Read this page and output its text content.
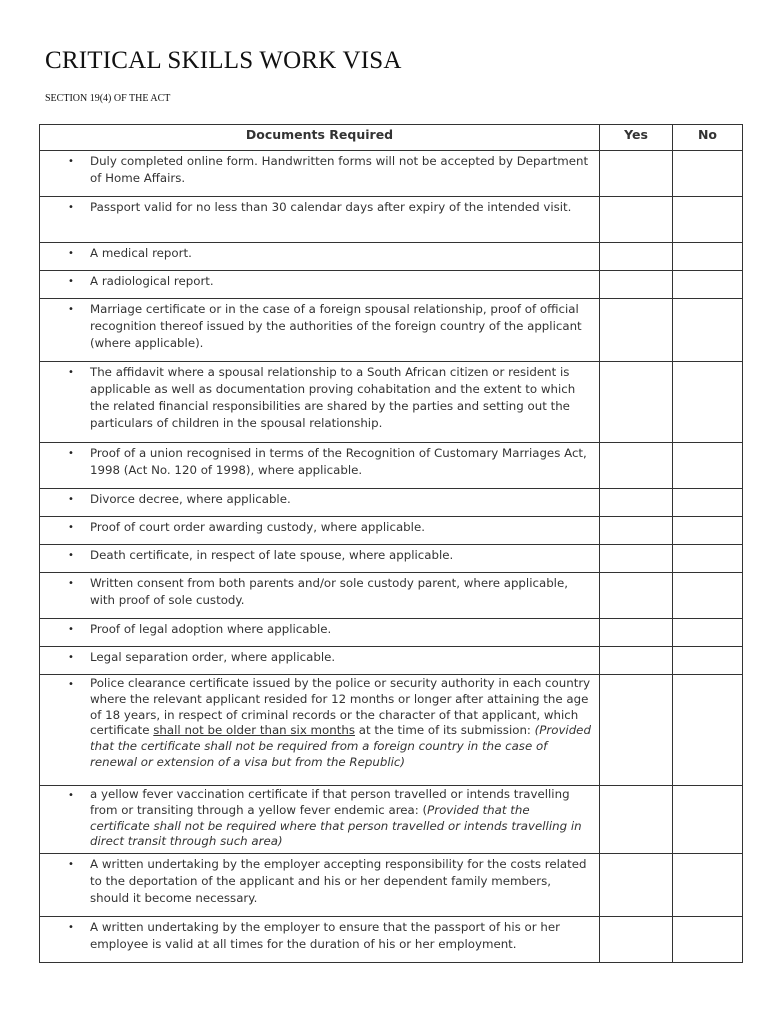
CRITICAL SKILLS WORK VISA
SECTION 19(4) OF THE ACT
Documents Required	Yes	No

• Duly completed online form. Handwritten forms will not be accepted by Department of Home Affairs.		

• Passport valid for no less than 30 calendar days after expiry of the intended visit.		

• A medical report.		

• A radiological report.		

• Marriage certificate or in the case of a foreign spousal relationship, proof of official recognition thereof issued by the authorities of the foreign country of the applicant (where applicable).		

• The affidavit where a spousal relationship to a South African citizen or resident is applicable as well as documentation proving cohabitation and the extent to which the related financial responsibilities are shared by the parties and setting out the particulars of children in the spousal relationship.		

• Proof of a union recognised in terms of the Recognition of Customary Marriages Act, 1998 (Act No. 120 of 1998), where applicable.		

• Divorce decree, where applicable.		

• Proof of court order awarding custody, where applicable.		

• Death certificate, in respect of late spouse, where applicable.		

• Written consent from both parents and/or sole custody parent, where applicable, with proof of sole custody.		

• Proof of legal adoption where applicable.		

• Legal separation order, where applicable.		

• Police clearance certificate issued by the police or security authority in each country where the relevant applicant resided for 12 months or longer after attaining the age of 18 years, in respect of criminal records or the character of that applicant, which certificate shall not be older than six months at the time of its submission: (Provided that the certificate shall not be required from a foreign country in the case of renewal or extension of a visa but from the Republic)		

• a yellow fever vaccination certificate if that person travelled or intends travelling from or transiting through a yellow fever endemic area: (Provided that the certificate shall not be required where that person travelled or intends travelling in direct transit through such area)		

• A written undertaking by the employer accepting responsibility for the costs related to the deportation of the applicant and his or her dependent family members, should it become necessary.		

• A written undertaking by the employer to ensure that the passport of his or her employee is valid at all times for the duration of his or her employment.		
